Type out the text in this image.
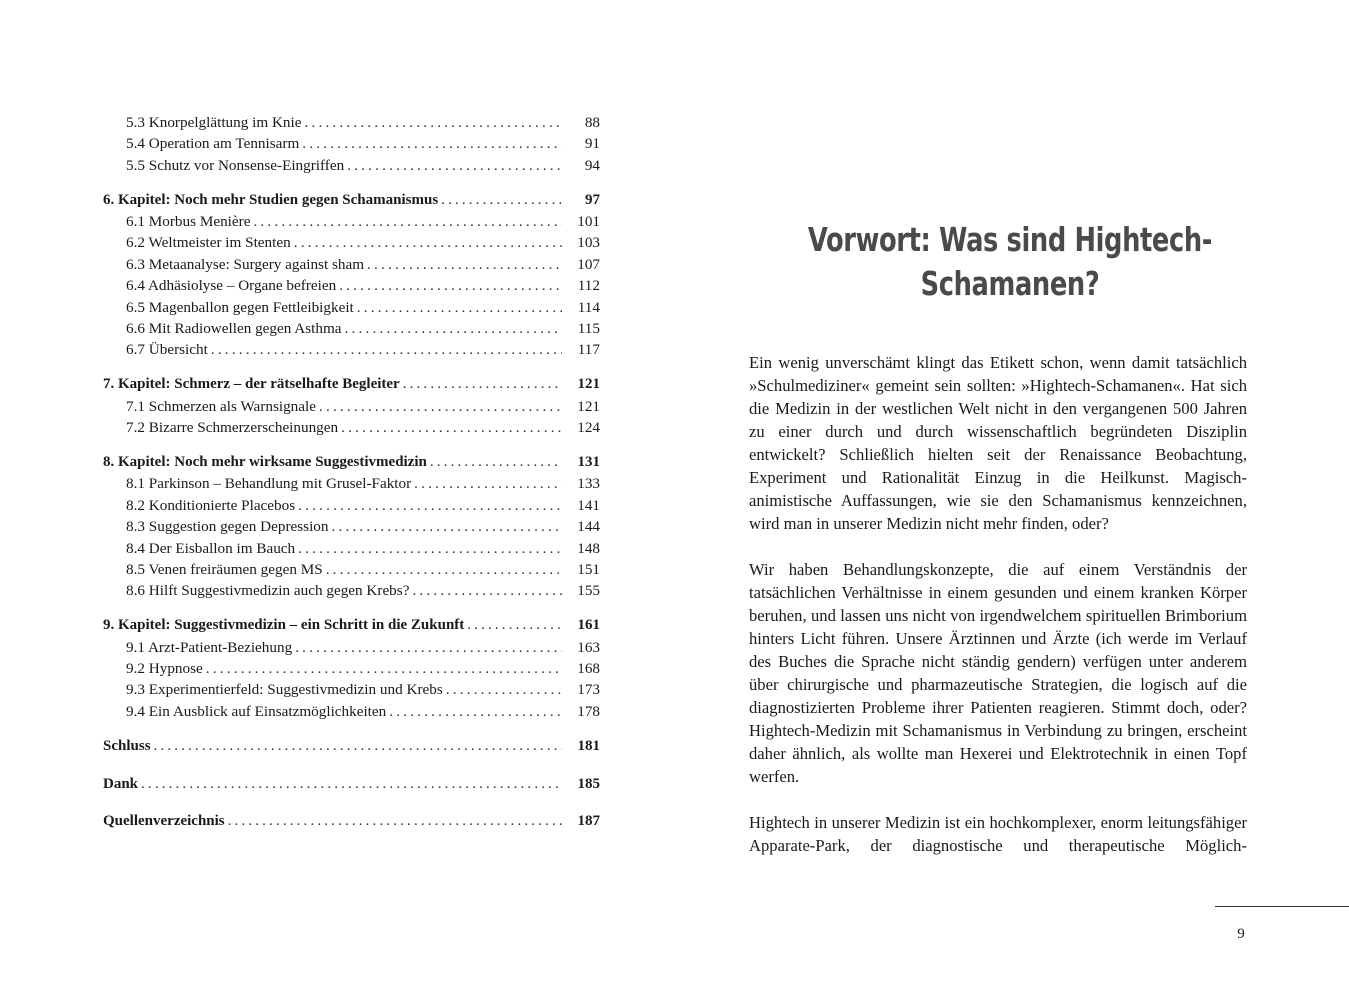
5.3 Knorpelglättung im Knie . . .	88
5.4 Operation am Tennisarm . . .	91
5.5 Schutz vor Nonsense-Eingriffen . . .	94
6. Kapitel: Noch mehr Studien gegen Schamanismus . . .	97
6.1 Morbus Menière . . .	101
6.2 Weltmeister im Stenten . . .	103
6.3 Metaanalyse: Surgery against sham . . .	107
6.4 Adhäsiolyse – Organe befreien . . .	112
6.5 Magenballon gegen Fettleibigkeit . . .	114
6.6 Mit Radiowellen gegen Asthma . . .	115
6.7 Übersicht . . .	117
7. Kapitel: Schmerz – der rätselhafte Begleiter . . .	121
7.1 Schmerzen als Warnsignale . . .	121
7.2 Bizarre Schmerzerscheinungen . . .	124
8. Kapitel: Noch mehr wirksame Suggestivmedizin . . .	131
8.1 Parkinson – Behandlung mit Grusel-Faktor . . .	133
8.2 Konditionierte Placebos . . .	141
8.3 Suggestion gegen Depression . . .	144
8.4 Der Eisballon im Bauch . . .	148
8.5 Venen freiräumen gegen MS . . .	151
8.6 Hilft Suggestivmedizin auch gegen Krebs? . . .	155
9. Kapitel: Suggestivmedizin – ein Schritt in die Zukunft . . .	161
9.1 Arzt-Patient-Beziehung . . .	163
9.2 Hypnose . . .	168
9.3 Experimentierfeld: Suggestivmedizin und Krebs . . .	173
9.4 Ein Ausblick auf Einsatzmöglichkeiten . . .	178
Schluss . . .	181
Dank . . .	185
Quellenverzeichnis . . .	187
Vorwort: Was sind Hightech-
Schamanen?

Ein wenig unverschämt klingt das Etikett schon, wenn damit tatsächlich »Schulmediziner« gemeint sein sollten: »Hightech-Schamanen«. Hat sich die Medizin in der westlichen Welt nicht in den vergangenen 500 Jahren zu einer durch und durch wissenschaftlich begründeten Disziplin entwickelt? Schließlich hielten seit der Renaissance Beobachtung, Experiment und Rationalität Einzug in die Heilkunst. Magisch-animistische Auffassungen, wie sie den Schamanismus kennzeichnen, wird man in unserer Medizin nicht mehr finden, oder?

Wir haben Behandlungskonzepte, die auf einem Verständnis der tatsächlichen Verhältnisse in einem gesunden und einem kranken Körper beruhen, und lassen uns nicht von irgendwelchem spirituellen Brimborium hinters Licht führen. Unsere Ärztinnen und Ärzte (ich werde im Verlauf des Buches die Sprache nicht ständig gendern) verfügen unter anderem über chirurgische und pharmazeutische Strategien, die logisch auf die diagnostizierten Probleme ihrer Patienten reagieren. Stimmt doch, oder? Hightech-Medizin mit Schamanismus in Verbindung zu bringen, erscheint daher ähnlich, als wollte man Hexerei und Elektrotechnik in einen Topf werfen.

Hightech in unserer Medizin ist ein hochkomplexer, enorm leitungsfähiger Apparate-Park, der diagnostische und therapeutische Möglich-

9
